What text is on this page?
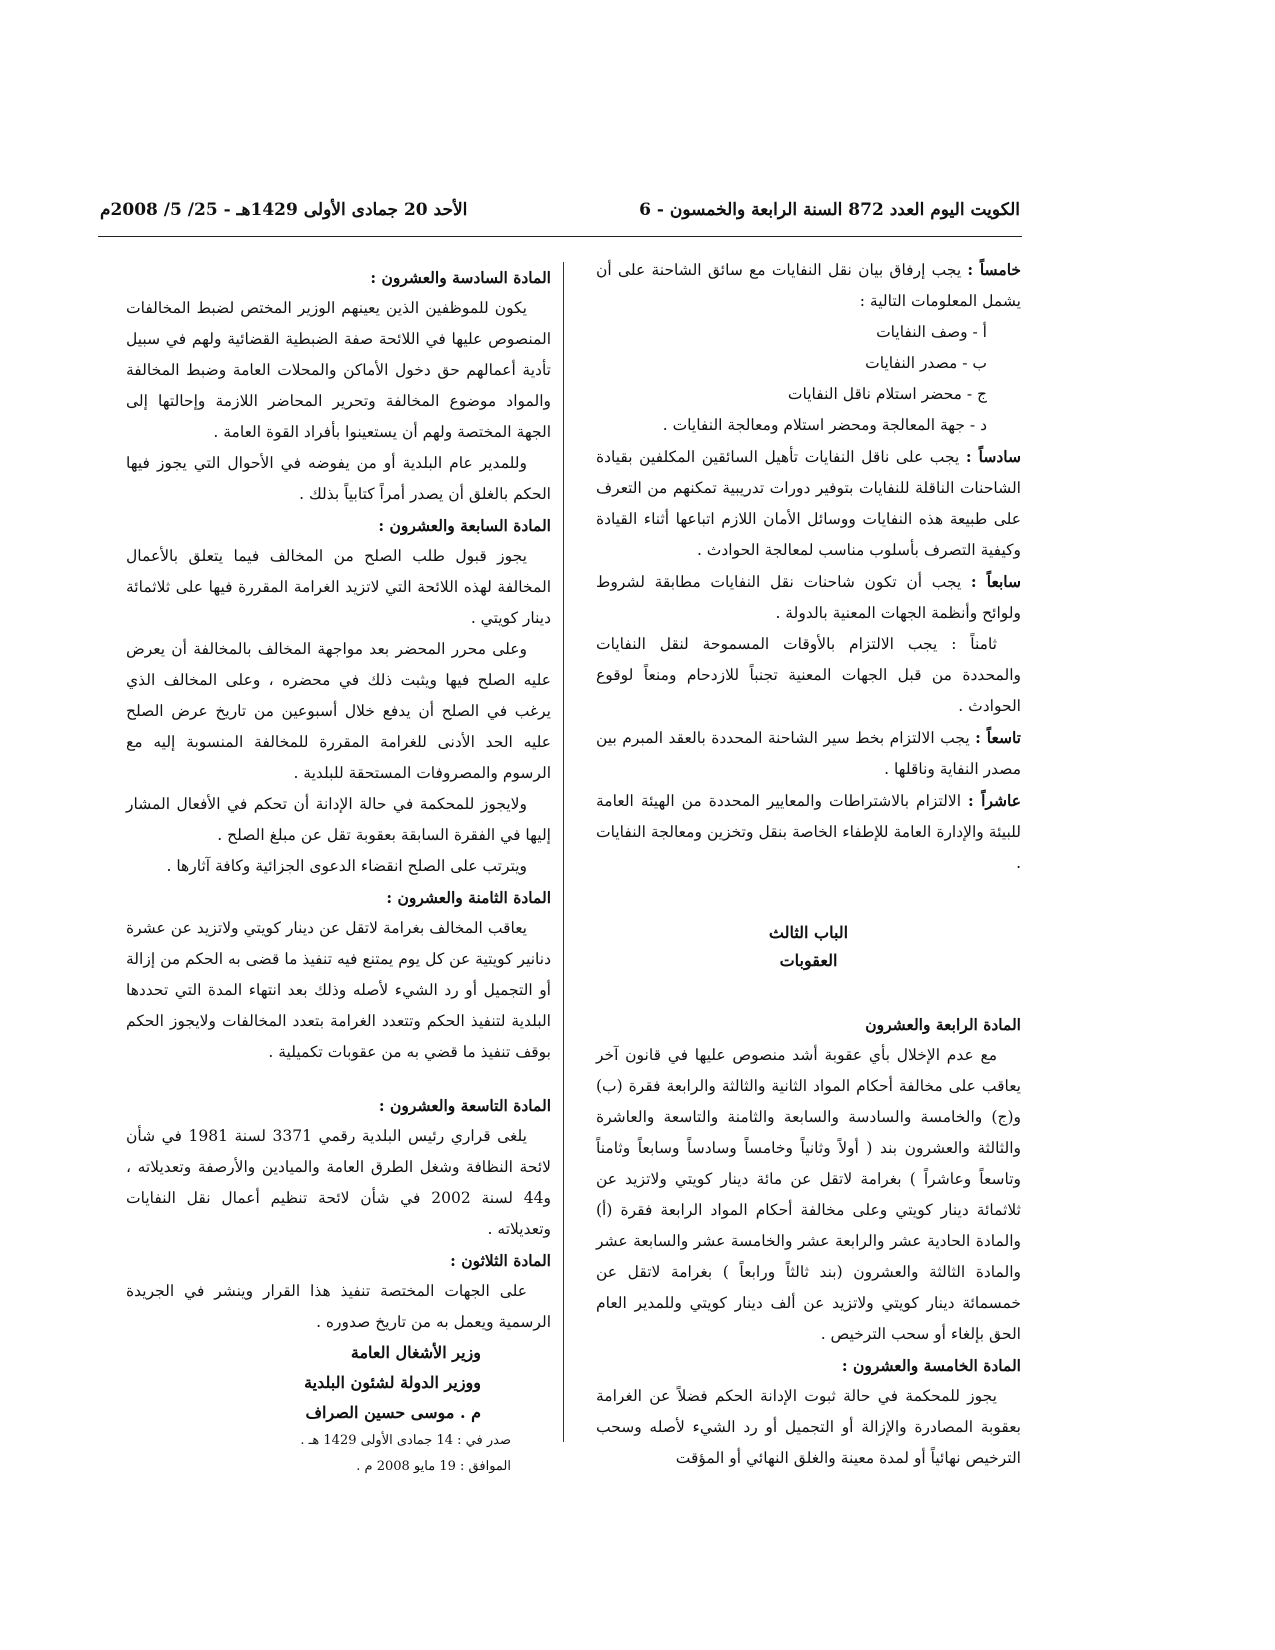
الكويت اليوم العدد 872 السنة الرابعة والخمسون - 6
الأحد 20 جمادى الأولى 1429هـ - 25/ 5/ 2008م

خامساً : يجب إرفاق بيان نقل النفايات مع سائق الشاحنة على أن يشمل المعلومات التالية :

أ - وصف النفايات

ب - مصدر النفايات

ج - محضر استلام ناقل النفايات

د - جهة المعالجة ومحضر استلام ومعالجة النفايات .

سادساً : يجب على ناقل النفايات تأهيل السائقين المكلفين بقيادة الشاحنات الناقلة للنفايات بتوفير دورات تدريبية تمكنهم من التعرف على طبيعة هذه النفايات ووسائل الأمان اللازم اتباعها أثناء القيادة وكيفية التصرف بأسلوب مناسب لمعالجة الحوادث .

سابعاً : يجب أن تكون شاحنات نقل النفايات مطابقة لشروط ولوائح وأنظمة الجهات المعنية بالدولة .

ثامناً : يجب الالتزام بالأوقات المسموحة لنقل النفايات والمحددة من قبل الجهات المعنية تجنباً للازدحام ومنعاً لوقوع الحوادث .

تاسعاً : يجب الالتزام بخط سير الشاحنة المحددة بالعقد المبرم بين مصدر النفاية وناقلها .

عاشراً : الالتزام بالاشتراطات والمعايير المحددة من الهيئة العامة للبيئة والإدارة العامة للإطفاء الخاصة بنقل وتخزين ومعالجة النفايات .

الباب الثالث

العقوبات

المادة الرابعة والعشرون

مع عدم الإخلال بأي عقوبة أشد منصوص عليها في قانون آخر يعاقب على مخالفة أحكام المواد الثانية والثالثة والرابعة فقرة (ب) و(ج) والخامسة والسادسة والسابعة والثامنة والتاسعة والعاشرة والثالثة والعشرون بند ( أولاً وثانياً وخامساً وسادساً وسابعاً وثامناً وتاسعاً وعاشراً ) بغرامة لاتقل عن مائة دينار كويتي ولاتزيد عن ثلاثمائة دينار كويتي وعلى مخالفة أحكام المواد الرابعة فقرة (أ) والمادة الحادية عشر والرابعة عشر والخامسة عشر والسابعة عشر والمادة الثالثة والعشرون (بند ثالثاً ورابعاً ) بغرامة لاتقل عن خمسمائة دينار كويتي ولاتزيد عن ألف دينار كويتي وللمدير العام الحق بإلغاء أو سحب الترخيص .

المادة الخامسة والعشرون :

يجوز للمحكمة في حالة ثبوت الإدانة الحكم فضلاً عن الغرامة بعقوبة المصادرة والإزالة أو التجميل أو رد الشيء لأصله وسحب الترخيص نهائياً أو لمدة معينة والغلق النهائي أو المؤقت

المادة السادسة والعشرون :

يكون للموظفين الذين يعينهم الوزير المختص لضبط المخالفات المنصوص عليها في اللائحة صفة الضبطية القضائية ولهم في سبيل تأدية أعمالهم حق دخول الأماكن والمحلات العامة وضبط المخالفة والمواد موضوع المخالفة وتحرير المحاضر اللازمة وإحالتها إلى الجهة المختصة ولهم أن يستعينوا بأفراد القوة العامة .

وللمدير عام البلدية أو من يفوضه في الأحوال التي يجوز فيها الحكم بالغلق أن يصدر أمراً كتابياً بذلك .

المادة السابعة والعشرون :

يجوز قبول طلب الصلح من المخالف فيما يتعلق بالأعمال المخالفة لهذه اللائحة التي لاتزيد الغرامة المقررة فيها على ثلاثمائة دينار كويتي .

وعلى محرر المحضر بعد مواجهة المخالف بالمخالفة أن يعرض عليه الصلح فيها ويثبت ذلك في محضره ، وعلى المخالف الذي يرغب في الصلح أن يدفع خلال أسبوعين من تاريخ عرض الصلح عليه الحد الأدنى للغرامة المقررة للمخالفة المنسوبة إليه مع الرسوم والمصروفات المستحقة للبلدية .

ولايجوز للمحكمة في حالة الإدانة أن تحكم في الأفعال المشار إليها في الفقرة السابقة بعقوبة تقل عن مبلغ الصلح .

ويترتب على الصلح انقضاء الدعوى الجزائية وكافة آثارها .

المادة الثامنة والعشرون :

يعاقب المخالف بغرامة لاتقل عن دينار كويتي ولاتزيد عن عشرة دنانير كويتية عن كل يوم يمتنع فيه تنفيذ ما قضى به الحكم من إزالة أو التجميل أو رد الشيء لأصله وذلك بعد انتهاء المدة التي تحددها البلدية لتنفيذ الحكم وتتعدد الغرامة بتعدد المخالفات ولايجوز الحكم بوقف تنفيذ ما قضي به من عقوبات تكميلية .

المادة التاسعة والعشرون :

يلغى قراري رئيس البلدية رقمي 3371 لسنة 1981 في شأن لائحة النظافة وشغل الطرق العامة والميادين والأرصفة وتعديلاته ، و44 لسنة 2002 في شأن لائحة تنظيم أعمال نقل النفايات وتعديلاته .

المادة الثلاثون :

على الجهات المختصة تنفيذ هذا القرار وينشر في الجريدة الرسمية ويعمل به من تاريخ صدوره .

وزير الأشغال العامة

ووزير الدولة لشئون البلدية

م . موسى حسين الصراف

صدر في : 14 جمادى الأولى 1429 هـ .

الموافق : 19 مايو 2008 م .
